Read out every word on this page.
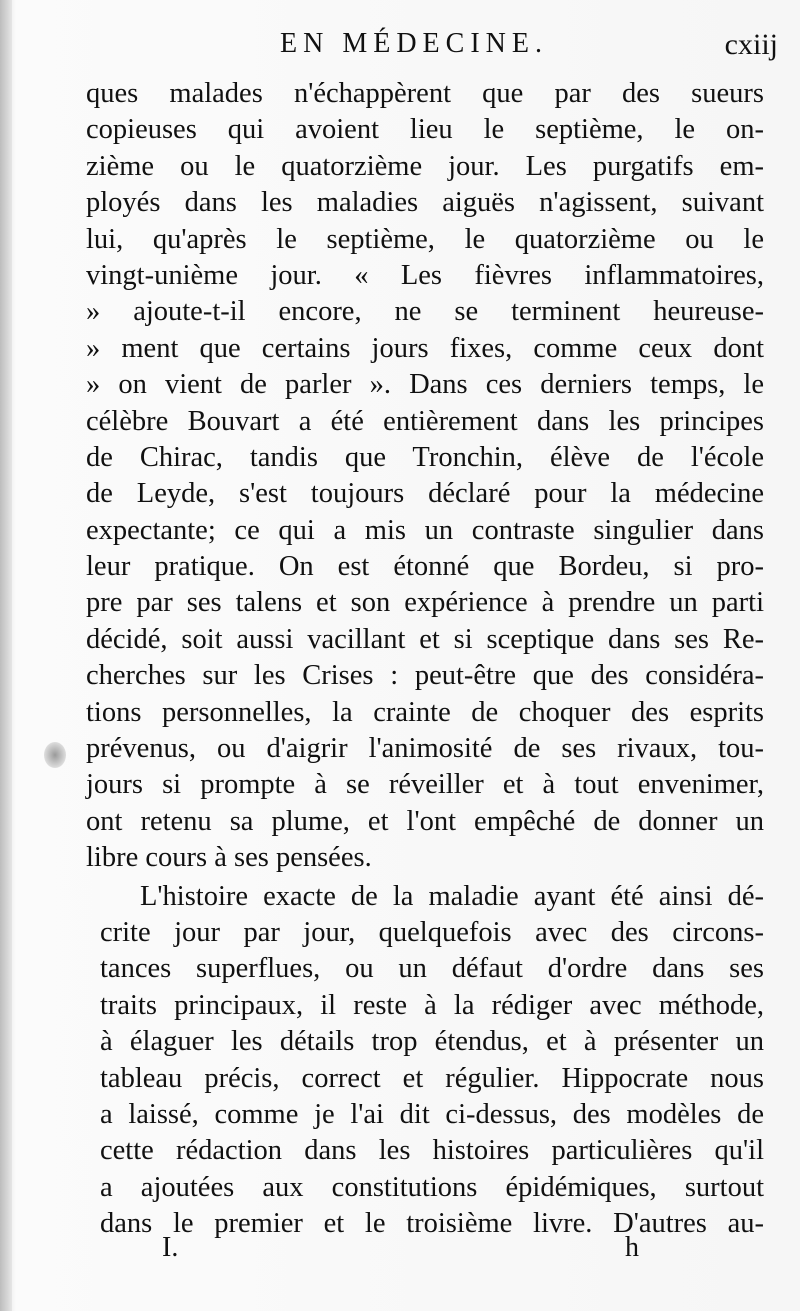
EN MÉDECINE.	cxiij
ques malades n'échappèrent que par des sueurs
copieuses qui avoient lieu le septième, le on-
zième ou le quatorzième jour. Les purgatifs em-
ployés dans les maladies aiguës n'agissent, suivant
lui, qu'après le septième, le quatorzième ou le
vingt-unième jour. « Les fièvres inflammatoires,
» ajoute-t-il encore, ne se terminent heureuse-
» ment que certains jours fixes, comme ceux dont
» on vient de parler ». Dans ces derniers temps, le
célèbre Bouvart a été entièrement dans les principes
de Chirac, tandis que Tronchin, élève de l'école
de Leyde, s'est toujours déclaré pour la médecine
expectante; ce qui a mis un contraste singulier dans
leur pratique. On est étonné que Bordeu, si pro-
pre par ses talens et son expérience à prendre un parti
décidé, soit aussi vacillant et si sceptique dans ses Re-
cherches sur les Crises : peut-être que des considéra-
tions personnelles, la crainte de choquer des esprits
prévenus, ou d'aigrir l'animosité de ses rivaux, tou-
jours si prompte à se réveiller et à tout envenimer,
ont retenu sa plume, et l'ont empêché de donner un
libre cours à ses pensées.
L'histoire exacte de la maladie ayant été ainsi dé-
crite jour par jour, quelquefois avec des circons-
tances superflues, ou un défaut d'ordre dans ses
traits principaux, il reste à la rédiger avec méthode,
à élaguer les détails trop étendus, et à présenter un
tableau précis, correct et régulier. Hippocrate nous
a laissé, comme je l'ai dit ci-dessus, des modèles de
cette rédaction dans les histoires particulières qu'il
a ajoutées aux constitutions épidémiques, surtout
dans le premier et le troisième livre. D'autres au-
I.	h
